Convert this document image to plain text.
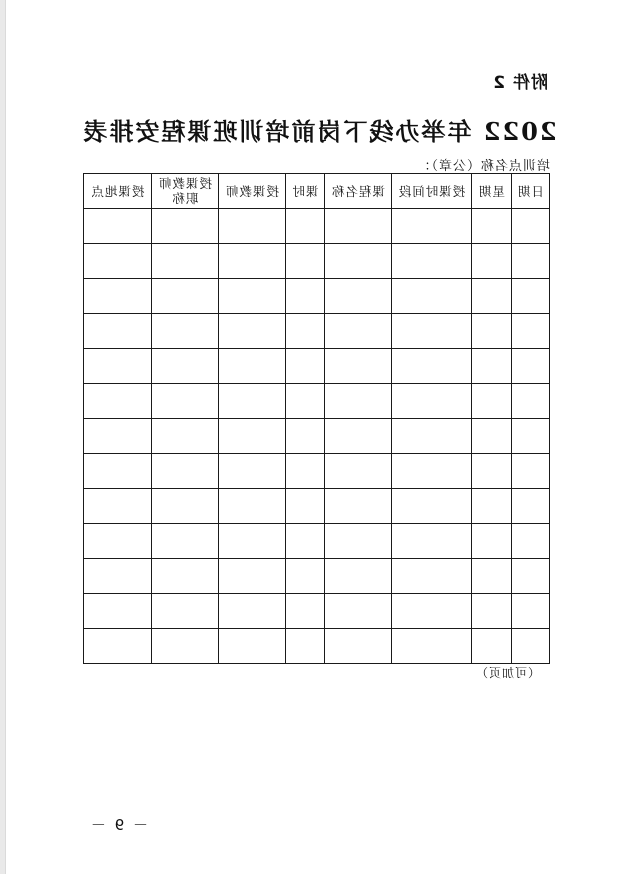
附件 2
2022 年举办线下岗前培训班课程安排表
培训点名称（公章）：
日期	星期	授课时间段	课程名称	课时	授课教师	授课教师职称	授课地点

（可加页）
－ 9 －
